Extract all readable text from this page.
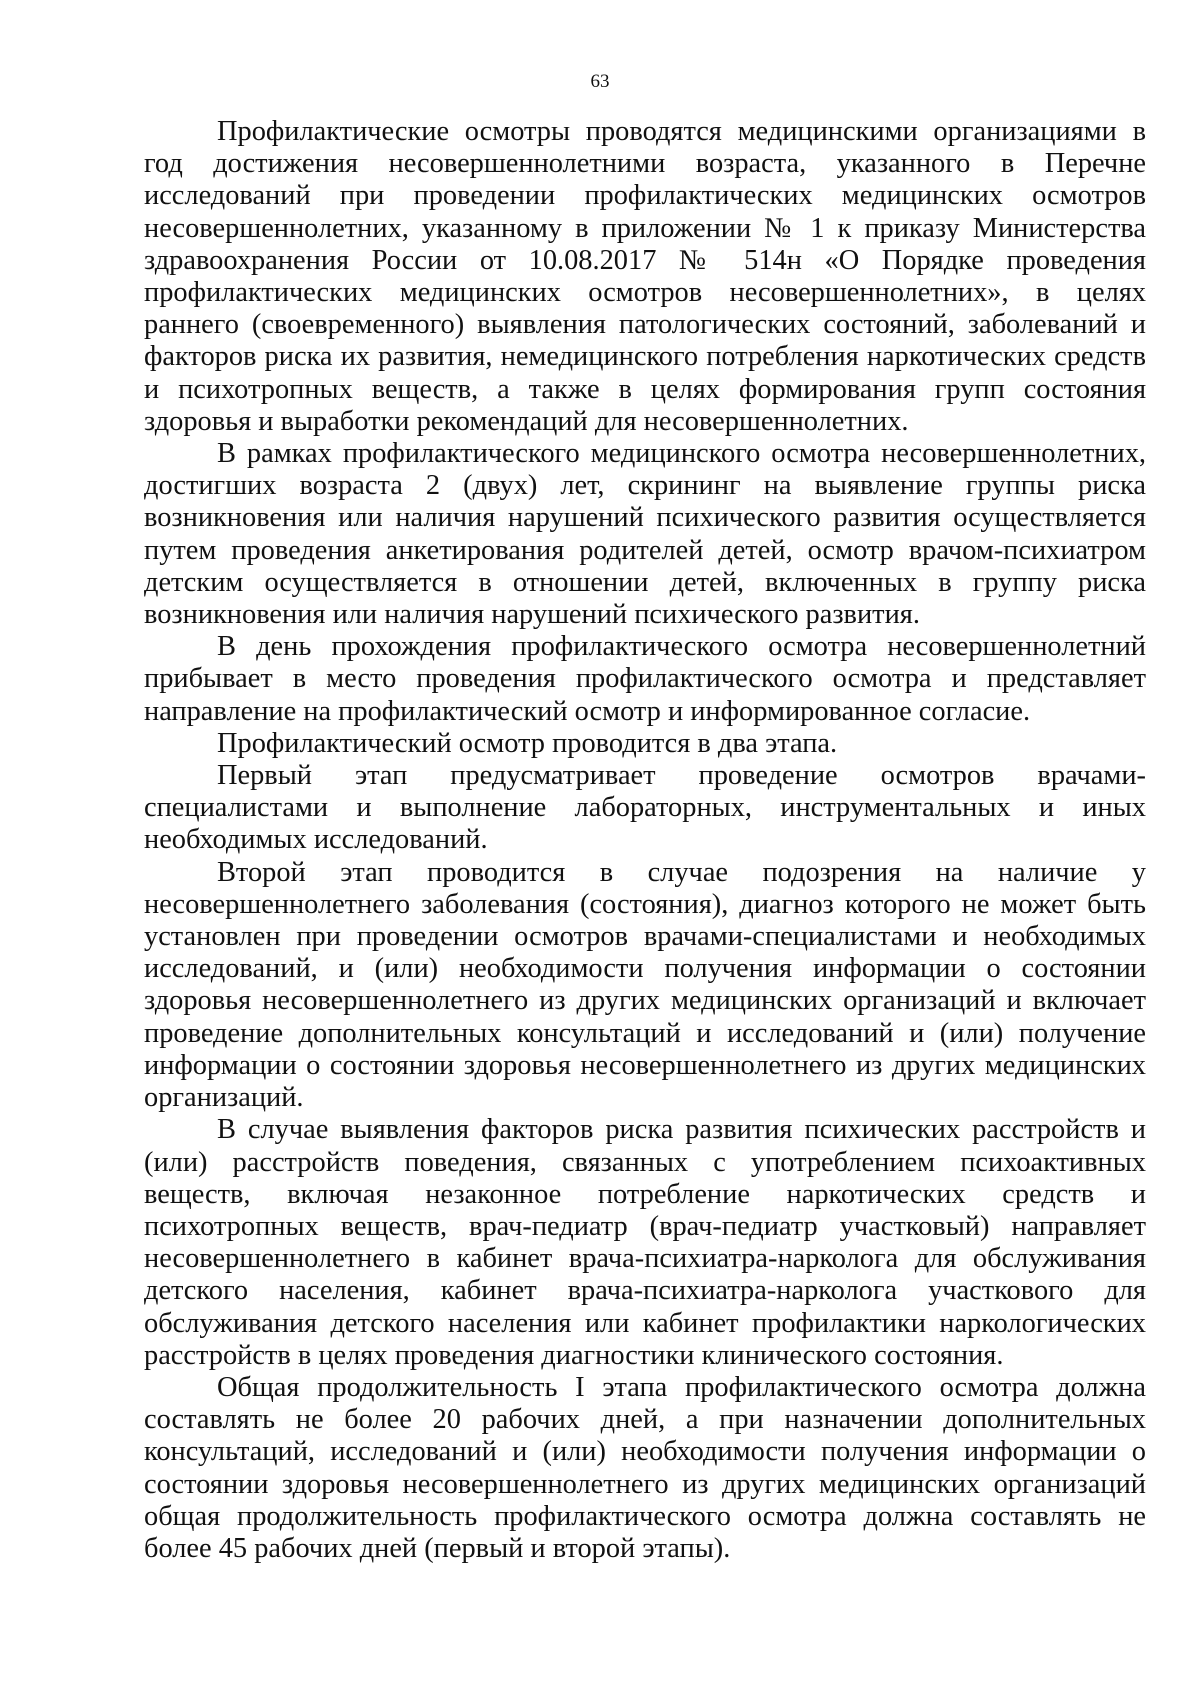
63

Профилактические осмотры проводятся медицинскими организациями в год достижения несовершеннолетними возраста, указанного в Перечне исследований при проведении профилактических медицинских осмотров несовершеннолетних, указанному в приложении № 1 к приказу Министерства здравоохранения России от 10.08.2017 № 514н «О Порядке проведения профилактических медицинских осмотров несовершеннолетних», в целях раннего (своевременного) выявления патологических состояний, заболеваний и факторов риска их развития, немедицинского потребления наркотических средств и психотропных веществ, а также в целях формирования групп состояния здоровья и выработки рекомендаций для несовершеннолетних.

В рамках профилактического медицинского осмотра несовершеннолетних, достигших возраста 2 (двух) лет, скрининг на выявление группы риска возникновения или наличия нарушений психического развития осуществляется путем проведения анкетирования родителей детей, осмотр врачом-психиатром детским осуществляется в отношении детей, включенных в группу риска возникновения или наличия нарушений психического развития.

В день прохождения профилактического осмотра несовершеннолетний прибывает в место проведения профилактического осмотра и представляет направление на профилактический осмотр и информированное согласие.

Профилактический осмотр проводится в два этапа.

Первый этап предусматривает проведение осмотров врачами-специалистами и выполнение лабораторных, инструментальных и иных необходимых исследований.

Второй этап проводится в случае подозрения на наличие у несовершеннолетнего заболевания (состояния), диагноз которого не может быть установлен при проведении осмотров врачами-специалистами и необходимых исследований, и (или) необходимости получения информации о состоянии здоровья несовершеннолетнего из других медицинских организаций и включает проведение дополнительных консультаций и исследований и (или) получение информации о состоянии здоровья несовершеннолетнего из других медицинских организаций.

В случае выявления факторов риска развития психических расстройств и (или) расстройств поведения, связанных с употреблением психоактивных веществ, включая незаконное потребление наркотических средств и психотропных веществ, врач-педиатр (врач-педиатр участковый) направляет несовершеннолетнего в кабинет врача-психиатра-нарколога для обслуживания детского населения, кабинет врача-психиатра-нарколога участкового для обслуживания детского населения или кабинет профилактики наркологических расстройств в целях проведения диагностики клинического состояния.

Общая продолжительность I этапа профилактического осмотра должна составлять не более 20 рабочих дней, а при назначении дополнительных консультаций, исследований и (или) необходимости получения информации о состоянии здоровья несовершеннолетнего из других медицинских организаций общая продолжительность профилактического осмотра должна составлять не более 45 рабочих дней (первый и второй этапы).
